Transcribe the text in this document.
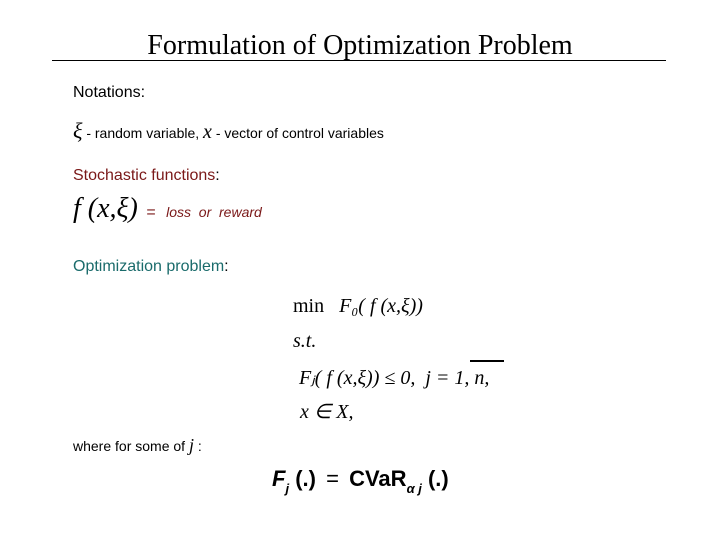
Formulation of Optimization Problem
Notations:
ξ - random variable, x - vector of control variables
Stochastic functions:
f (x,ξ) = loss  or  reward
Optimization problem:
min F₀( f (x,ξ))
s.t.
Fⱼ( f (x,ξ)) ≤ 0,  j = 1, n,
x ∈ X,
where for some of j :
$F_j$ (.) = CVaR$_{\alpha j}$ (.)
